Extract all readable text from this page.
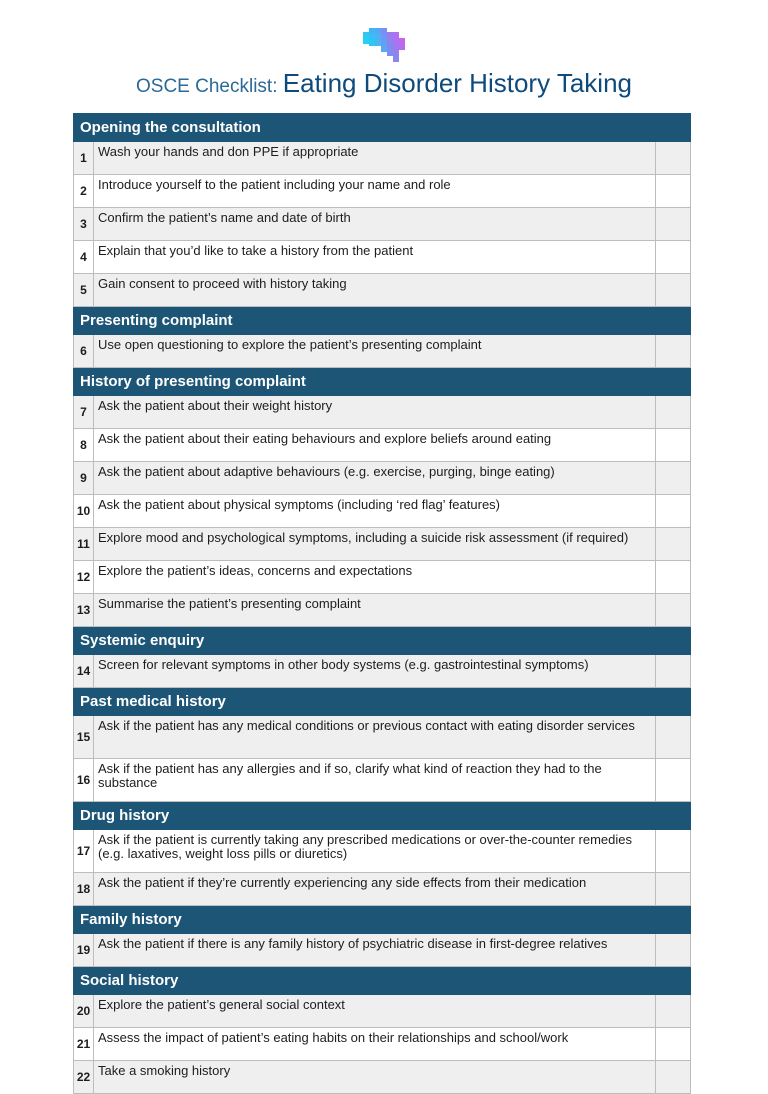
OSCE Checklist: Eating Disorder History Taking
Opening the consultation		
1	Wash your hands and don PPE if appropriate	
2	Introduce yourself to the patient including your name and role	
3	Confirm the patient’s name and date of birth	
4	Explain that you’d like to take a history from the patient	
5	Gain consent to proceed with history taking	
Presenting complaint		
6	Use open questioning to explore the patient’s presenting complaint	
History of presenting complaint		
7	Ask the patient about their weight history	
8	Ask the patient about their eating behaviours and explore beliefs around eating	
9	Ask the patient about adaptive behaviours (e.g. exercise, purging, binge eating)	
10	Ask the patient about physical symptoms (including ‘red flag’ features)	
11	Explore mood and psychological symptoms, including a suicide risk assessment (if required)	
12	Explore the patient’s ideas, concerns and expectations	
13	Summarise the patient’s presenting complaint	
Systemic enquiry		
14	Screen for relevant symptoms in other body systems (e.g. gastrointestinal symptoms)	
Past medical history		
15	Ask if the patient has any medical conditions or previous contact with eating disorder services	
16	Ask if the patient has any allergies and if so, clarify what kind of reaction they had to the substance	
Drug history		
17	Ask if the patient is currently taking any prescribed medications or over-the-counter remedies (e.g. laxatives, weight loss pills or diuretics)	
18	Ask the patient if they’re currently experiencing any side effects from their medication	
Family history		
19	Ask the patient if there is any family history of psychiatric disease in first-degree relatives	
Social history		
20	Explore the patient’s general social context	
21	Assess the impact of patient’s eating habits on their relationships and school/work	
22	Take a smoking history	
